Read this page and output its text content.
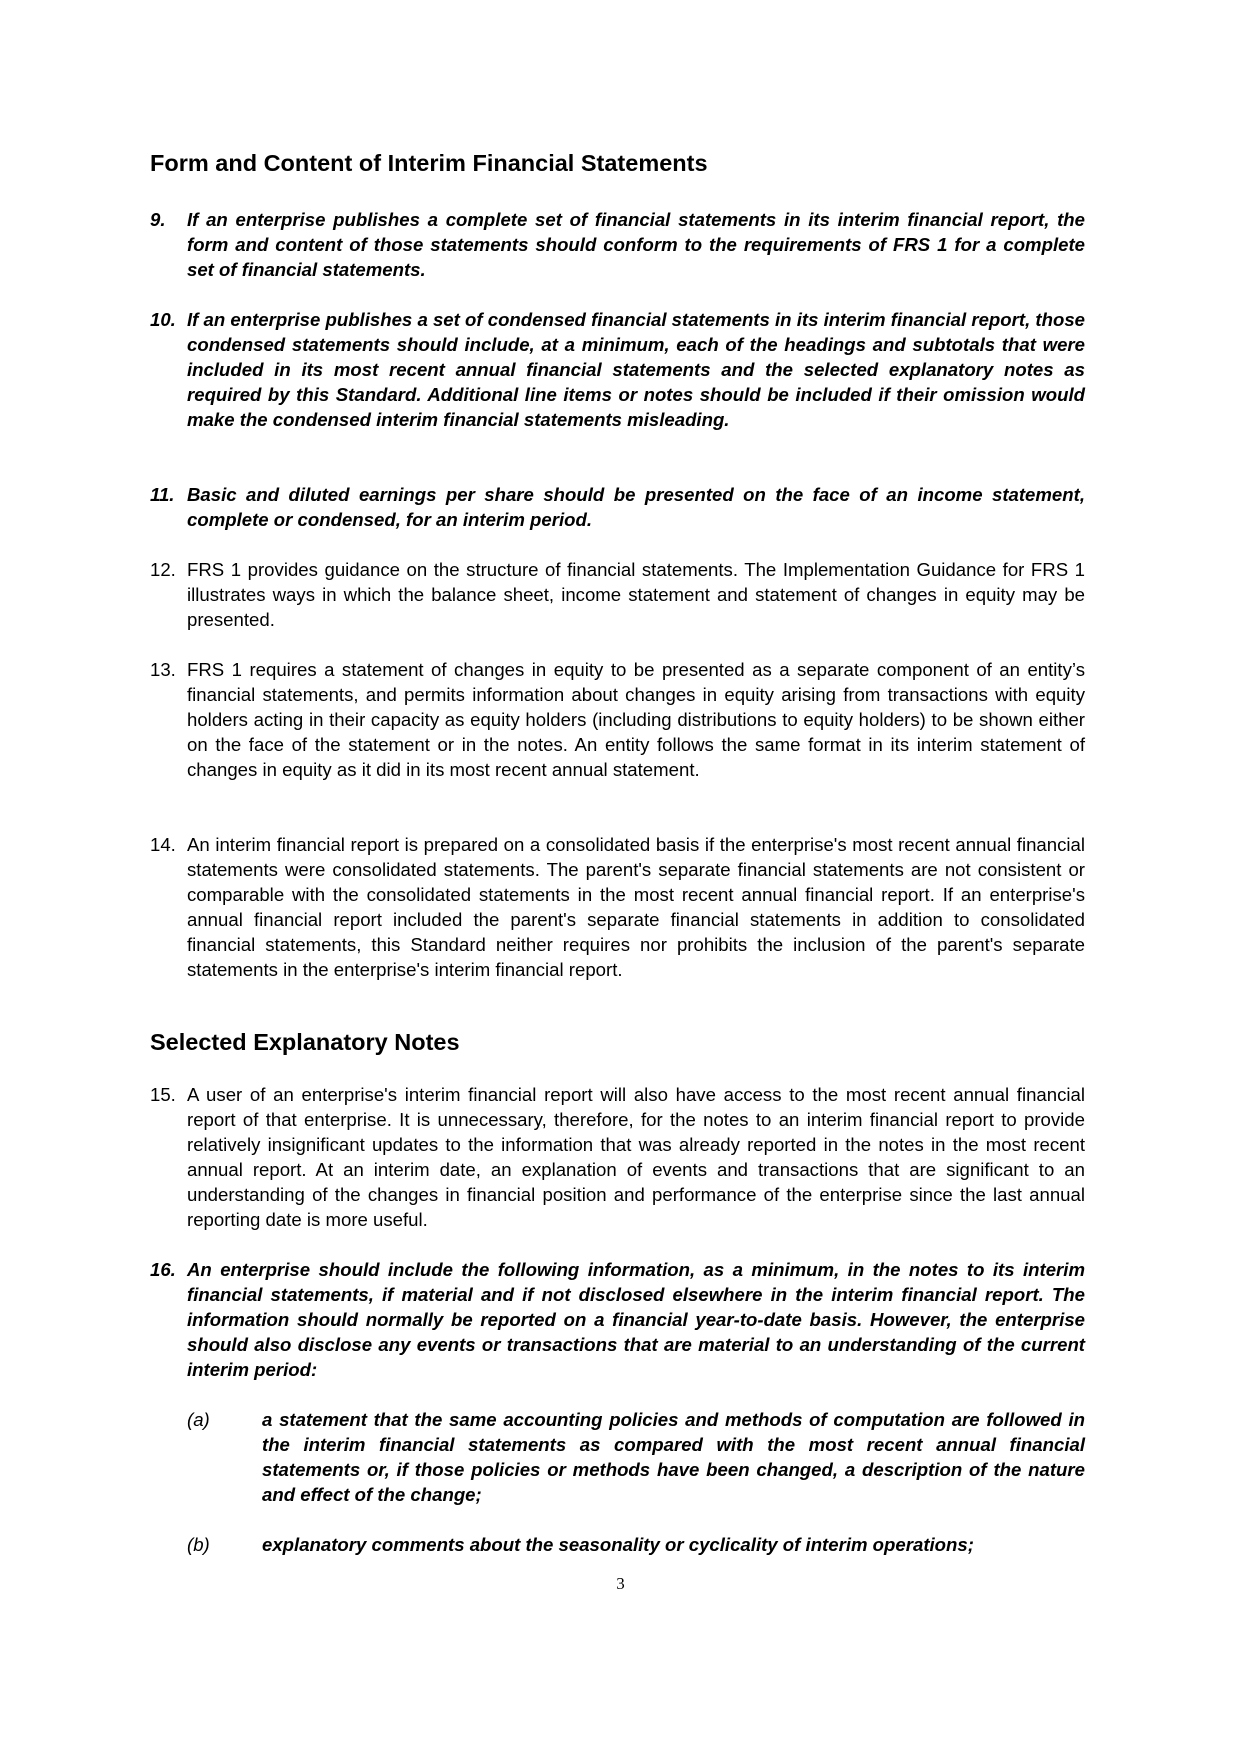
Form and Content of Interim Financial Statements
9.	If an enterprise publishes a complete set of financial statements in its interim financial report, the form and content of those statements should conform to the requirements of FRS 1 for a complete set of financial statements.
10. If an enterprise publishes a set of condensed financial statements in its interim financial report, those condensed statements should include, at a minimum, each of the headings and subtotals that were included in its most recent annual financial statements and the selected explanatory notes as required by this Standard. Additional line items or notes should be included if their omission would make the condensed interim financial statements misleading.
11. Basic and diluted earnings per share should be presented on the face of an income statement, complete or condensed, for an interim period.
12. FRS 1 provides guidance on the structure of financial statements. The Implementation Guidance for FRS 1 illustrates ways in which the balance sheet, income statement and statement of changes in equity may be presented.
13. FRS 1 requires a statement of changes in equity to be presented as a separate component of an entity’s financial statements, and permits information about changes in equity arising from transactions with equity holders acting in their capacity as equity holders (including distributions to equity holders) to be shown either on the face of the statement or in the notes. An entity follows the same format in its interim statement of changes in equity as it did in its most recent annual statement.
14. An interim financial report is prepared on a consolidated basis if the enterprise's most recent annual financial statements were consolidated statements. The parent's separate financial statements are not consistent or comparable with the consolidated statements in the most recent annual financial report. If an enterprise's annual financial report included the parent's separate financial statements in addition to consolidated financial statements, this Standard neither requires nor prohibits the inclusion of the parent's separate statements in the enterprise's interim financial report.
Selected Explanatory Notes
15. A user of an enterprise's interim financial report will also have access to the most recent annual financial report of that enterprise. It is unnecessary, therefore, for the notes to an interim financial report to provide relatively insignificant updates to the information that was already reported in the notes in the most recent annual report. At an interim date, an explanation of events and transactions that are significant to an understanding of the changes in financial position and performance of the enterprise since the last annual reporting date is more useful.
16. An enterprise should include the following information, as a minimum, in the notes to its interim financial statements, if material and if not disclosed elsewhere in the interim financial report. The information should normally be reported on a financial year-to-date basis. However, the enterprise should also disclose any events or transactions that are material to an understanding of the current interim period:
(a)	a statement that the same accounting policies and methods of computation are followed in the interim financial statements as compared with the most recent annual financial statements or, if those policies or methods have been changed, a description of the nature and effect of the change;
(b)	explanatory comments about the seasonality or cyclicality of interim operations;

3
